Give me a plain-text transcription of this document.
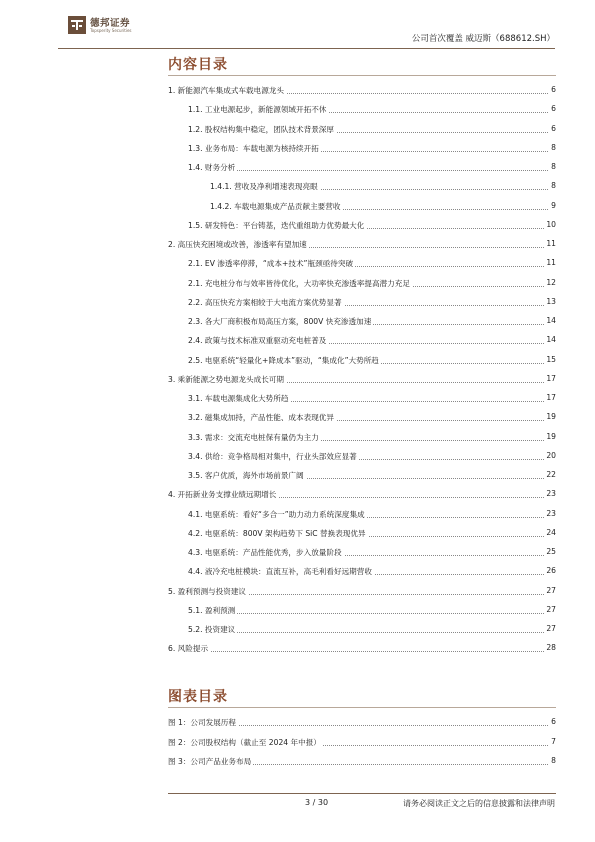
德邦证券
Topsperity Securities
公司首次覆盖 威迈斯（688612.SH）
内容目录
1. 新能源汽车集成式车载电源龙头	6
1.1. 工业电源起步，新能源领域开拓不休	6
1.2. 股权结构集中稳定，团队技术背景深厚	6
1.3. 业务布局：车载电源为核持续开拓	8
1.4. 财务分析	8
1.4.1. 营收及净利增速表现亮眼	8
1.4.2. 车载电源集成产品贡献主要营收	9
1.5. 研发特色：平台铸基，迭代重组助力优势最大化	10
2. 高压快充困境或改善，渗透率有望加速	11
2.1. EV 渗透率停滞，“成本+技术”瓶颈亟待突破	11
2.1. 充电桩分布与效率皆待优化，大功率快充渗透率提高潜力充足	12
2.2. 高压快充方案相较于大电流方案优势显著	13
2.3. 各大厂商积极布局高压方案，800V 快充渗透加速	14
2.4. 政策与技术标准双重驱动充电桩普及	14
2.5. 电驱系统“轻量化+降成本”驱动，“集成化”大势所趋	15
3. 乘新能源之势电源龙头成长可期	17
3.1. 车载电源集成化大势所趋	17
3.2. 磁集成加持，产品性能、成本表现优异	19
3.3. 需求：交流充电桩保有量仍为主力	19
3.4. 供给：竞争格局相对集中，行业头部效应显著	20
3.5. 客户优质，海外市场前景广阔	22
4. 开拓新业务支撑业绩远期增长	23
4.1. 电驱系统：看好“多合一”助力动力系统深度集成	23
4.2. 电驱系统：800V 架构趋势下 SiC 替换表现优异	24
4.3. 电驱系统：产品性能优秀，步入放量阶段	25
4.4. 液冷充电桩模块：直流互补，高毛利看好远期营收	26
5. 盈利预测与投资建议	27
5.1. 盈利预测	27
5.2. 投资建议	27
6. 风险提示	28
图表目录
图 1：公司发展历程	6
图 2：公司股权结构（截止至 2024 年中报）	7
图 3：公司产品业务布局	8
3 / 30	请务必阅读正文之后的信息披露和法律声明
